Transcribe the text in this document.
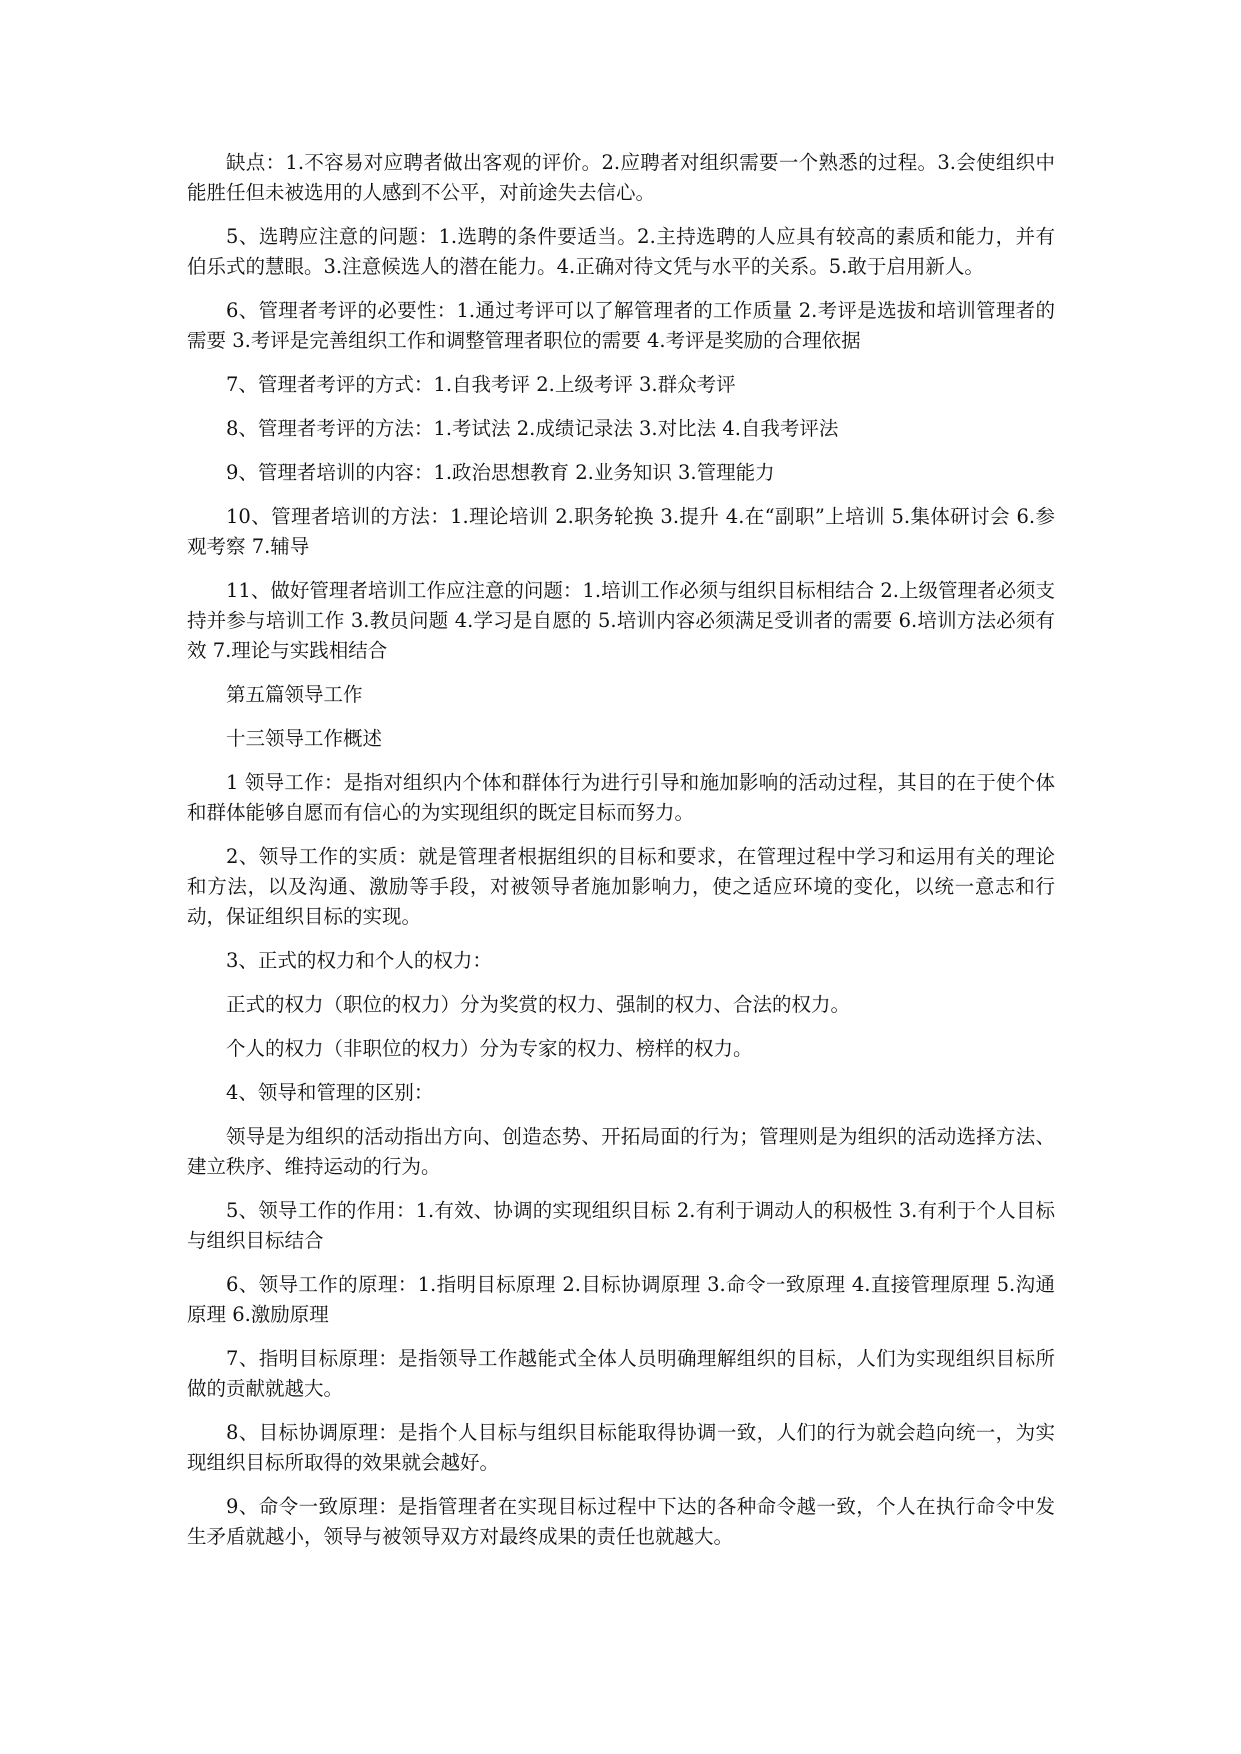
缺点：1.不容易对应聘者做出客观的评价。2.应聘者对组织需要一个熟悉的过程。3.会使组织中能胜任但未被选用的人感到不公平，对前途失去信心。

5、选聘应注意的问题：1.选聘的条件要适当。2.主持选聘的人应具有较高的素质和能力，并有伯乐式的慧眼。3.注意候选人的潜在能力。4.正确对待文凭与水平的关系。5.敢于启用新人。

6、管理者考评的必要性：1.通过考评可以了解管理者的工作质量 2.考评是选拔和培训管理者的需要 3.考评是完善组织工作和调整管理者职位的需要 4.考评是奖励的合理依据

7、管理者考评的方式：1.自我考评 2.上级考评 3.群众考评

8、管理者考评的方法：1.考试法 2.成绩记录法 3.对比法 4.自我考评法

9、管理者培训的内容：1.政治思想教育 2.业务知识 3.管理能力

10、管理者培训的方法：1.理论培训 2.职务轮换 3.提升 4.在“副职”上培训 5.集体研讨会 6.参观考察 7.辅导

11、做好管理者培训工作应注意的问题：1.培训工作必须与组织目标相结合 2.上级管理者必须支持并参与培训工作 3.教员问题 4.学习是自愿的 5.培训内容必须满足受训者的需要 6.培训方法必须有效 7.理论与实践相结合

第五篇领导工作

十三领导工作概述

1 领导工作：是指对组织内个体和群体行为进行引导和施加影响的活动过程，其目的在于使个体和群体能够自愿而有信心的为实现组织的既定目标而努力。

2、领导工作的实质：就是管理者根据组织的目标和要求，在管理过程中学习和运用有关的理论和方法，以及沟通、激励等手段，对被领导者施加影响力，使之适应环境的变化，以统一意志和行动，保证组织目标的实现。

3、正式的权力和个人的权力：

正式的权力（职位的权力）分为奖赏的权力、强制的权力、合法的权力。

个人的权力（非职位的权力）分为专家的权力、榜样的权力。

4、领导和管理的区别：

领导是为组织的活动指出方向、创造态势、开拓局面的行为；管理则是为组织的活动选择方法、建立秩序、维持运动的行为。

5、领导工作的作用：1.有效、协调的实现组织目标 2.有利于调动人的积极性 3.有利于个人目标与组织目标结合

6、领导工作的原理：1.指明目标原理 2.目标协调原理 3.命令一致原理 4.直接管理原理 5.沟通原理 6.激励原理

7、指明目标原理：是指领导工作越能式全体人员明确理解组织的目标，人们为实现组织目标所做的贡献就越大。

8、目标协调原理：是指个人目标与组织目标能取得协调一致，人们的行为就会趋向统一，为实现组织目标所取得的效果就会越好。

9、命令一致原理：是指管理者在实现目标过程中下达的各种命令越一致，个人在执行命令中发生矛盾就越小，领导与被领导双方对最终成果的责任也就越大。
